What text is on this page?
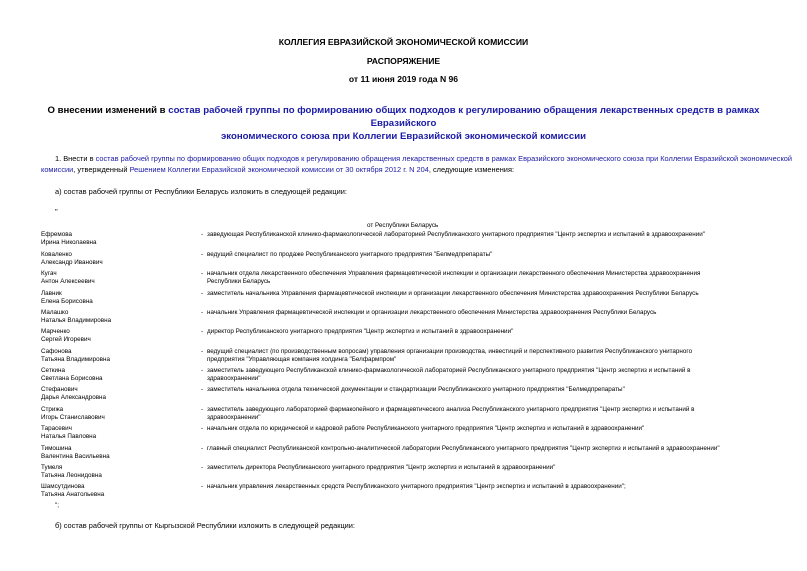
КОЛЛЕГИЯ ЕВРАЗИЙСКОЙ ЭКОНОМИЧЕСКОЙ КОМИССИИ
РАСПОРЯЖЕНИЕ
от 11 июня 2019 года N 96
О внесении изменений в состав рабочей группы по формированию общих подходов к регулированию обращения лекарственных средств в рамках Евразийского
экономического союза при Коллегии Евразийской экономической комиссии
1. Внести в состав рабочей группы по формированию общих подходов к регулированию обращения лекарственных средств в рамках Евразийского экономического союза при Коллегии Евразийской экономической
комиссии, утвержденный Решением Коллегии Евразийской экономической комиссии от 30 октября 2012 г. N 204, следующие изменения:
а) состав рабочей группы от Республики Беларусь изложить в следующей редакции:
"
от Республики Беларусь
Ефремова
Ирина Николаевна
- заведующая Республиканской клинико-фармакологической лабораторией Республиканского унитарного предприятия "Центр экспертиз и испытаний в здравоохранении"
Коваленко
Александр Иванович
- ведущий специалист по продаже Республиканского унитарного предприятия "Белмедпрепараты"
Кугач
Антон Алексеевич
- начальник отдела лекарственного обеспечения Управления фармацевтической инспекции и организации лекарственного обеспечения Министерства здравоохранения
Республики Беларусь
Лавник
Елена Борисовна
- заместитель начальника Управления фармацевтической инспекции и организации лекарственного обеспечения Министерства здравоохранения Республики Беларусь
Малашко
Наталья Владимировна
- начальник Управления фармацевтической инспекции и организации лекарственного обеспечения Министерства здравоохранения Республики Беларусь
Марченко
Сергей Игоревич
- директор Республиканского унитарного предприятия "Центр экспертиз и испытаний в здравоохранении"
Сафонова
Татьяна Владимировна
- ведущий специалист (по производственным вопросам) управления организации производства, инвестиций и перспективного развития Республиканского унитарного
предприятия "Управляющая компания холдинга "Белфармпром"
Сеткина
Светлана Борисовна
- заместитель заведующего Республиканской клинико-фармакологической лабораторией Республиканского унитарного предприятия "Центр экспертиз и испытаний в
здравоохранении"
Стефанович
Дарья Александровна
- заместитель начальника отдела технической документации и стандартизации Республиканского унитарного предприятия "Белмедпрепараты"
Стрижа
Игорь Станиславович
- заместитель заведующего лабораторией фармакопейного и фармацевтического анализа Республиканского унитарного предприятия "Центр экспертиз и испытаний в
здравоохранении"
Тарасевич
Наталья Павловна
- начальник отдела по юридической и кадровой работе Республиканского унитарного предприятия "Центр экспертиз и испытаний в здравоохранении"
Тимошина
Валентина Васильевна
- главный специалист Республиканской контрольно-аналитической лаборатории Республиканского унитарного предприятия "Центр экспертиз и испытаний в здравоохранении"
Тумеля
Татьяна Леонидовна
- заместитель директора Республиканского унитарного предприятия "Центр экспертиз и испытаний в здравоохранении"
Шамсутдинова
Татьяна Анатольевна
- начальник управления лекарственных средств Республиканского унитарного предприятия "Центр экспертиз и испытаний в здравоохранении";
";
б) состав рабочей группы от Кыргызской Республики изложить в следующей редакции:
